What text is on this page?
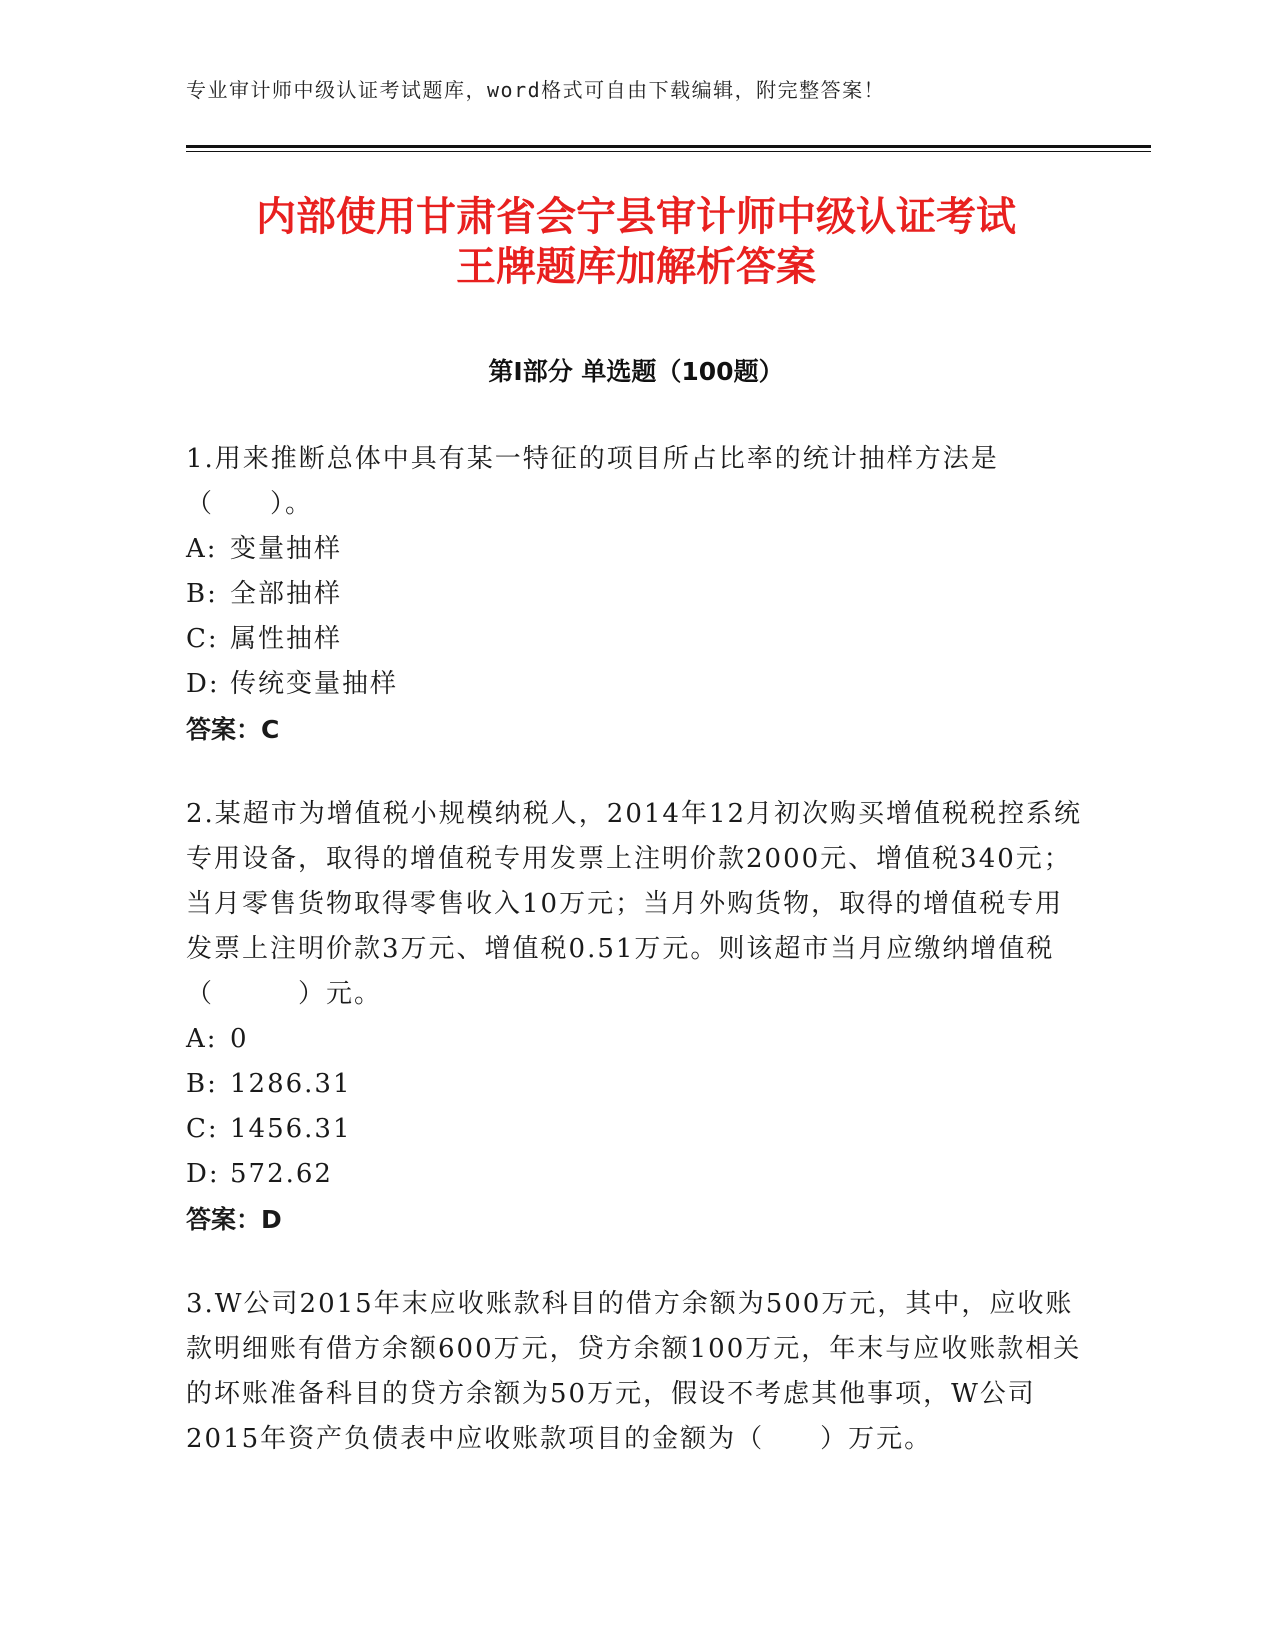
专业审计师中级认证考试题库，word格式可自由下载编辑，附完整答案！
内部使用甘肃省会宁县审计师中级认证考试
王牌题库加解析答案
第Ⅰ部分 单选题（100题）

1.用来推断总体中具有某一特征的项目所占比率的统计抽样方法是（　　）。

A: 变量抽样

B: 全部抽样

C: 属性抽样

D: 传统变量抽样

答案：C

2.某超市为增值税小规模纳税人，2014年12月初次购买增值税税控系统专用设备，取得的增值税专用发票上注明价款2000元、增值税340元；当月零售货物取得零售收入10万元；当月外购货物，取得的增值税专用发票上注明价款3万元、增值税0.51万元。则该超市当月应缴纳增值税（　　　）元。

A: 0

B: 1286.31

C: 1456.31

D: 572.62

答案：D

3.W公司2015年末应收账款科目的借方余额为500万元，其中，应收账款明细账有借方余额600万元，贷方余额100万元，年末与应收账款相关的坏账准备科目的贷方余额为50万元，假设不考虑其他事项，W公司2015年资产负债表中应收账款项目的金额为（　　）万元。
